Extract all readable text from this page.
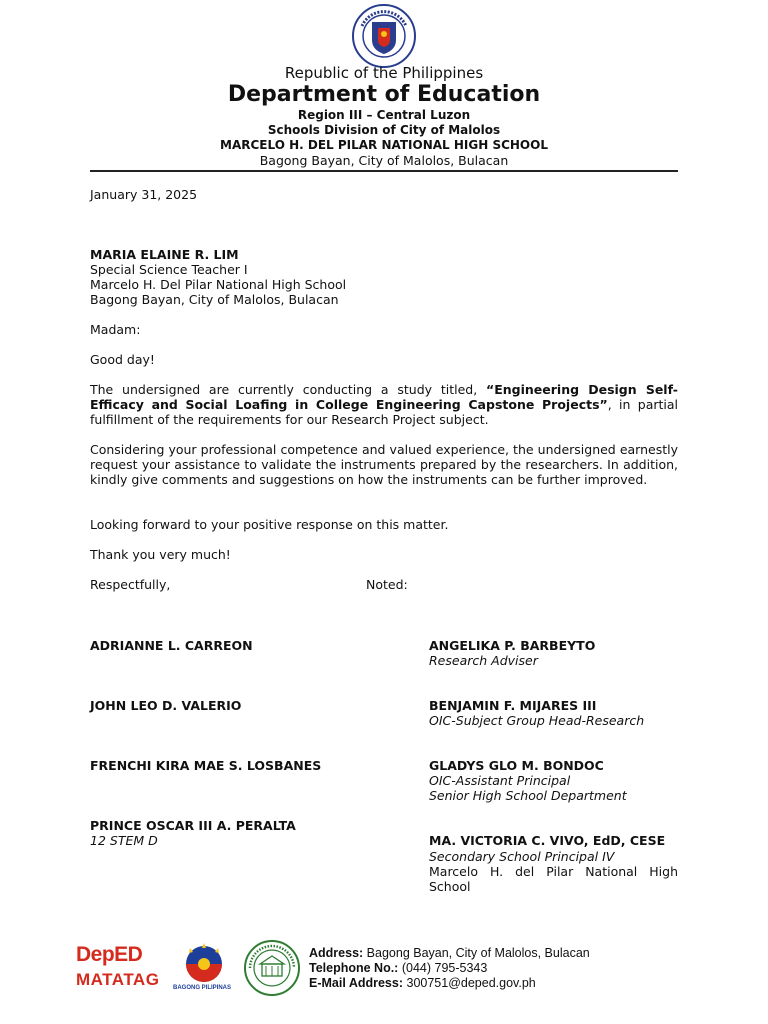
Republic of the Philippines
Department of Education
Region III – Central Luzon
Schools Division of City of Malolos
MARCELO H. DEL PILAR NATIONAL HIGH SCHOOL
Bagong Bayan, City of Malolos, Bulacan
January 31, 2025
MARIA ELAINE R. LIM
Special Science Teacher I
Marcelo H. Del Pilar National High School
Bagong Bayan, City of Malolos, Bulacan
Madam:
Good day!
The undersigned are currently conducting a study titled, “Engineering Design Self-Efficacy and Social Loafing in College Engineering Capstone Projects”, in partial fulfillment of the requirements for our Research Project subject.
Considering your professional competence and valued experience, the undersigned earnestly request your assistance to validate the instruments prepared by the researchers. In addition, kindly give comments and suggestions on how the instruments can be further improved.
Looking forward to your positive response on this matter.
Thank you very much!
Respectfully,	Noted:
ADRIANNE L. CARREON
JOHN LEO D. VALERIO
FRENCHI KIRA MAE S. LOSBANES
PRINCE OSCAR III A. PERALTA
12 STEM D
ANGELIKA P. BARBEYTO
Research Adviser
BENJAMIN F. MIJARES III
OIC-Subject Group Head-Research
GLADYS GLO M. BONDOC
OIC-Assistant Principal
Senior High School Department
MA. VICTORIA C. VIVO, EdD, CESE
Secondary School Principal IV
Marcelo H. del Pilar National High School
DepED
MATATAG	BAGONG PILIPINAS
Address: Bagong Bayan, City of Malolos, Bulacan
Telephone No.: (044) 795-5343
E-Mail Address: 300751@deped.gov.ph
